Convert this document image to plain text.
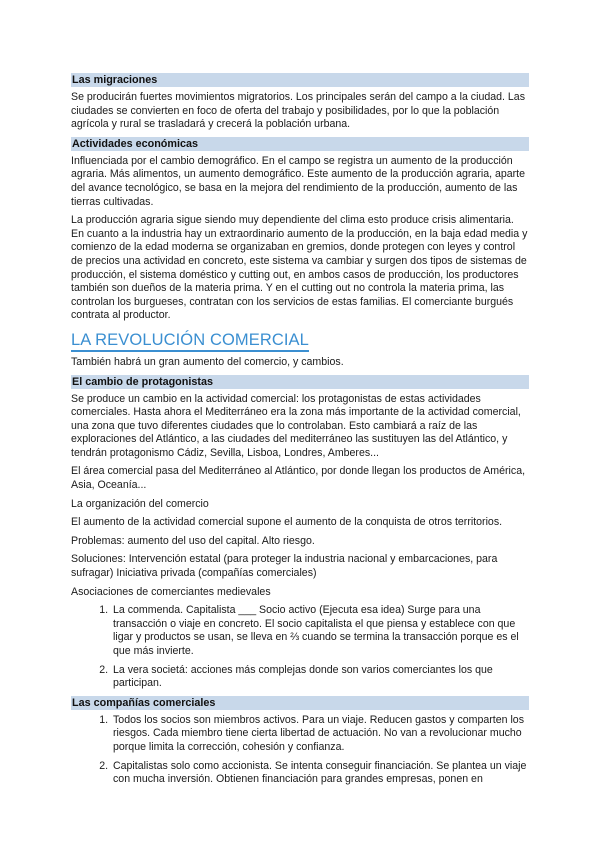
Las migraciones

Se producirán fuertes movimientos migratorios. Los principales serán del campo a la ciudad. Las ciudades se convierten en foco de oferta del trabajo y posibilidades, por lo que la población agrícola y rural se trasladará y crecerá la población urbana.

Actividades económicas

Influenciada por el cambio demográfico. En el campo se registra un aumento de la producción agraria. Más alimentos, un aumento demográfico. Este aumento de la producción agraria, aparte del avance tecnológico, se basa en la mejora del rendimiento de la producción, aumento de las tierras cultivadas.

La producción agraria sigue siendo muy dependiente del clima esto produce crisis alimentaria. En cuanto a la industria hay un extraordinario aumento de la producción, en la baja edad media y comienzo de la edad moderna se organizaban en gremios, donde protegen con leyes y control de precios una actividad en concreto, este sistema va cambiar y surgen dos tipos de sistemas de producción, el sistema doméstico y cutting out, en ambos casos de producción, los productores también son dueños de la materia prima. Y en el cutting out no controla la materia prima, las controlan los burgueses, contratan con los servicios de estas familias. El comerciante burgués contrata al productor.

LA REVOLUCIÓN COMERCIAL

También habrá un gran aumento del comercio, y cambios.

El cambio de protagonistas

Se produce un cambio en la actividad comercial: los protagonistas de estas actividades comerciales. Hasta ahora el Mediterráneo era la zona más importante de la actividad comercial, una zona que tuvo diferentes ciudades que lo controlaban. Esto cambiará a raíz de las exploraciones del Atlántico, a las ciudades del mediterráneo las sustituyen las del Atlántico, y tendrán protagonismo Cádiz, Sevilla, Lisboa, Londres, Amberes...

El área comercial pasa del Mediterráneo al Atlántico, por donde llegan los productos de América, Asia, Oceanía...

La organización del comercio

El aumento de la actividad comercial supone el aumento de la conquista de otros territorios.

Problemas: aumento del uso del capital. Alto riesgo.

Soluciones: Intervención estatal (para proteger la industria nacional y embarcaciones, para sufragar) Iniciativa privada (compañías comerciales)

Asociaciones de comerciantes medievales

1. La commenda. Capitalista ___ Socio activo (Ejecuta esa idea) Surge para una transacción o viaje en concreto. El socio capitalista el que piensa y establece con que ligar y productos se usan, se lleva en ⅔ cuando se termina la transacción porque es el que más invierte.
2. La vera societá: acciones más complejas donde son varios comerciantes los que participan.
Las compañías comerciales
1. Todos los socios son miembros activos. Para un viaje. Reducen gastos y comparten los riesgos. Cada miembro tiene cierta libertad de actuación. No van a revolucionar mucho porque limita la corrección, cohesión y confianza.
2. Capitalistas solo como accionista. Se intenta conseguir financiación. Se plantea un viaje con mucha inversión. Obtienen financiación para grandes empresas, ponen en
